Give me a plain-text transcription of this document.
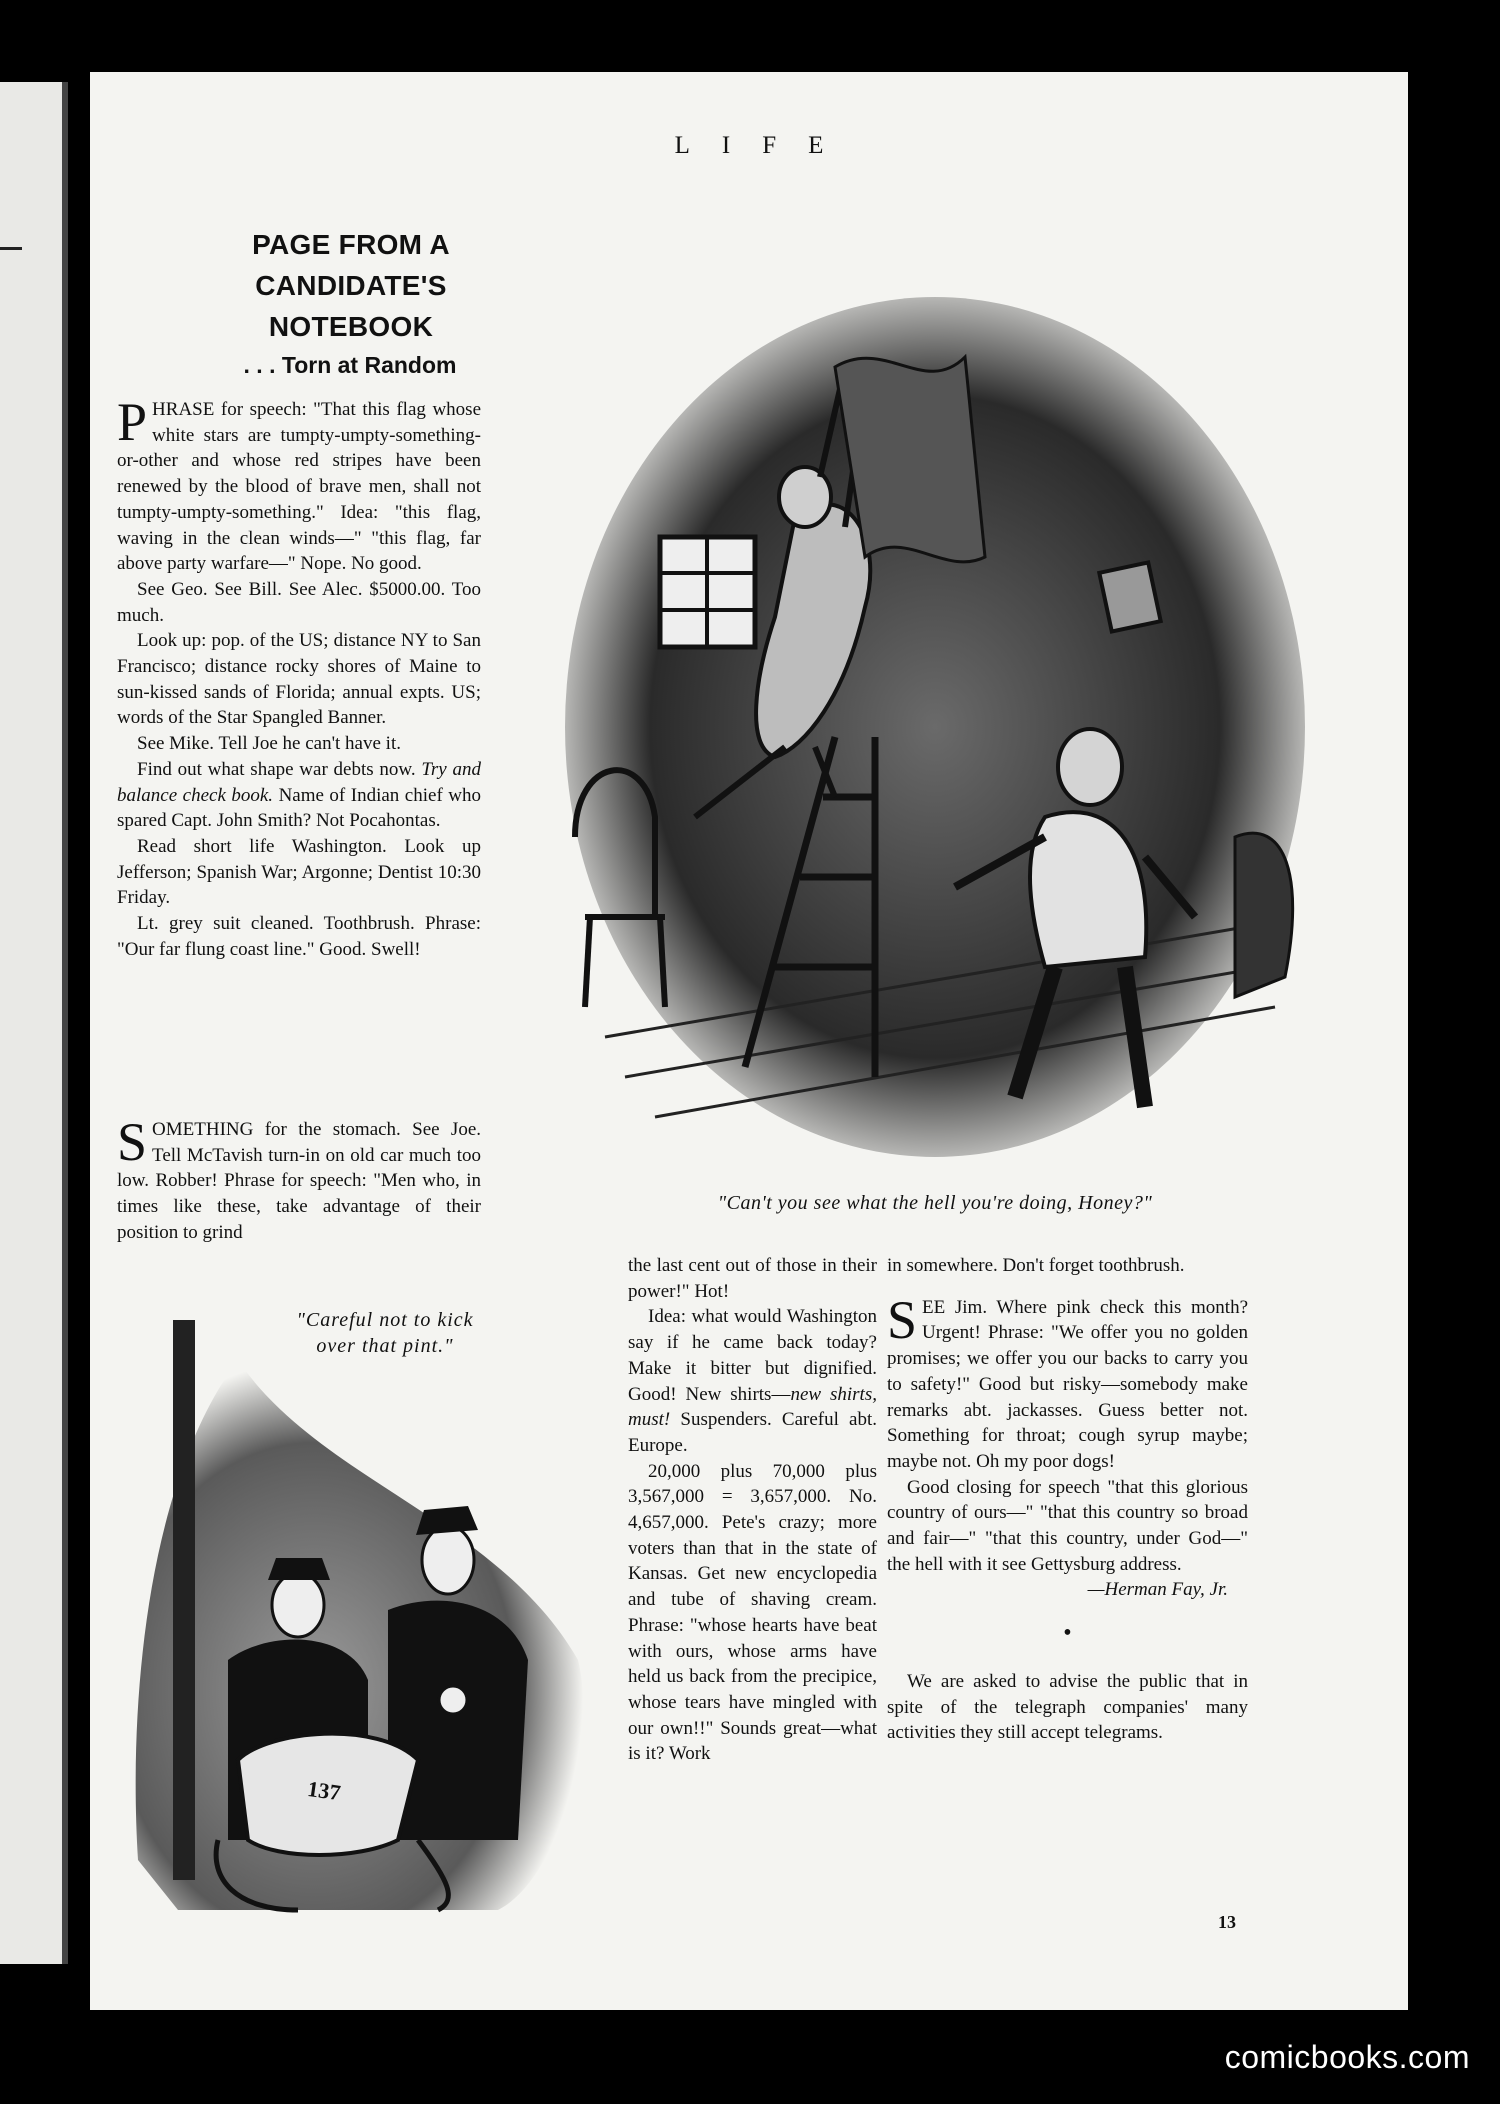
LIFE
PAGE FROM A CANDIDATE'S NOTEBOOK
. . . Torn at Random

PHRASE for speech: "That this flag whose white stars are tumpty-umpty-something-or-other and whose red stripes have been renewed by the blood of brave men, shall not tumpty-umpty-something." Idea: "this flag, waving in the clean winds—" "this flag, far above party warfare—" Nope. No good.

See Geo. See Bill. See Alec. $5000.00. Too much.

Look up: pop. of the US; distance NY to San Francisco; distance rocky shores of Maine to sun-kissed sands of Florida; annual expts. US; words of the Star Spangled Banner.

See Mike. Tell Joe he can't have it.

Find out what shape war debts now. Try and balance check book. Name of Indian chief who spared Capt. John Smith? Not Pocahontas.

Read short life Washington. Look up Jefferson; Spanish War; Argonne; Dentist 10:30 Friday.

Lt. grey suit cleaned. Toothbrush. Phrase: "Our far flung coast line." Good. Swell!

SOMETHING for the stomach. See Joe. Tell McTavish turn-in on old car much too low. Robber! Phrase for speech: "Men who, in times like these, take advantage of their position to grind

"Can't you see what the hell you're doing, Honey?"
137
"Careful not to kick
over that pint."

the last cent out of those in their power!" Hot!

Idea: what would Washington say if he came back today? Make it bitter but dignified. Good! New shirts—new shirts, must! Suspenders. Careful abt. Europe.

20,000 plus 70,000 plus 3,567,000 = 3,657,000. No. 4,657,000. Pete's crazy; more voters than that in the state of Kansas. Get new encyclopedia and tube of shaving cream. Phrase: "whose hearts have beat with ours, whose arms have held us back from the precipice, whose tears have mingled with our own!!" Sounds great—what is it? Work

in somewhere. Don't forget toothbrush.

SEE Jim. Where pink check this month? Urgent! Phrase: "We offer you no golden promises; we offer you our backs to carry you to safety!" Good but risky—somebody make remarks abt. jackasses. Guess better not. Something for throat; cough syrup maybe; maybe not. Oh my poor dogs!

Good closing for speech "that this glorious country of ours—" "that this country so broad and fair—" "that this country, under God—" the hell with it see Gettysburg address.

—Herman Fay, Jr.
•

We are asked to advise the public that in spite of the telegraph companies' many activities they still accept telegrams.

13
comicbooks.com
